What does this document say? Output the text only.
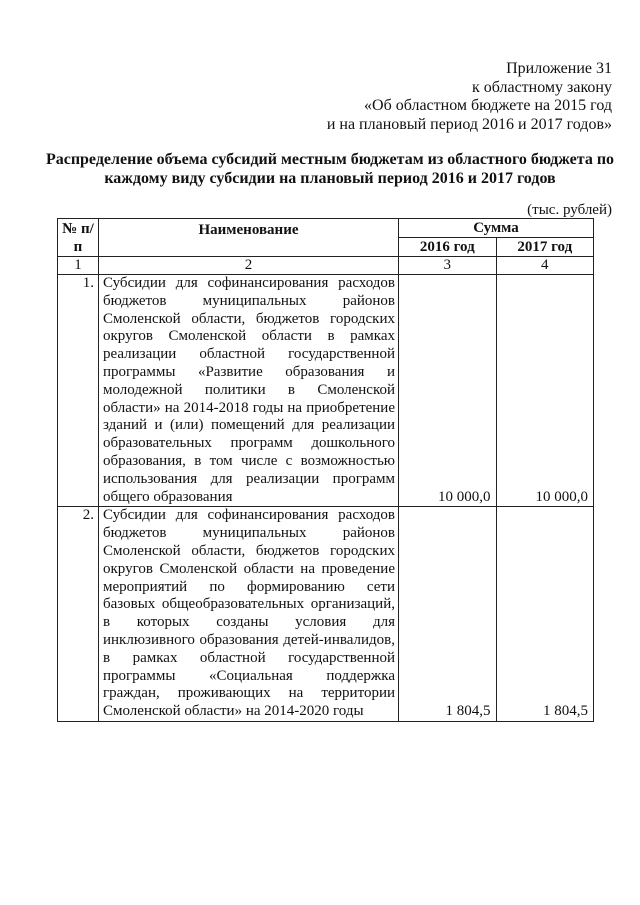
Приложение 31
к областному закону
«Об областном бюджете на 2015 год
и на плановый период 2016 и 2017 годов»
Распределение объема субсидий местным бюджетам из областного бюджета по
каждому виду субсидии на плановый период 2016 и 2017 годов
(тыс. рублей)
№ п/п	Наименование	Сумма	
		2016 год	2017 год
1	2	3	4
1.	Субсидии для софинансирования расходов бюджетов муниципальных районов Смоленской области, бюджетов городских округов Смоленской области в рамках реализации областной государственной программы «Развитие образования и молодежной политики в Смоленской области» на 2014-2018 годы на приобретение зданий и (или) помещений для реализации образовательных программ дошкольного образования, в том числе с возможностью использования для реализации программ общего образования	10 000,0	10 000,0
2.	Субсидии для софинансирования расходов бюджетов муниципальных районов Смоленской области, бюджетов городских округов Смоленской области на проведение мероприятий по формированию сети базовых общеобразовательных организаций, в которых созданы условия для инклюзивного образования детей-инвалидов, в рамках областной государственной программы «Социальная поддержка граждан, проживающих на территории Смоленской области» на 2014-2020 годы	1 804,5	1 804,5
